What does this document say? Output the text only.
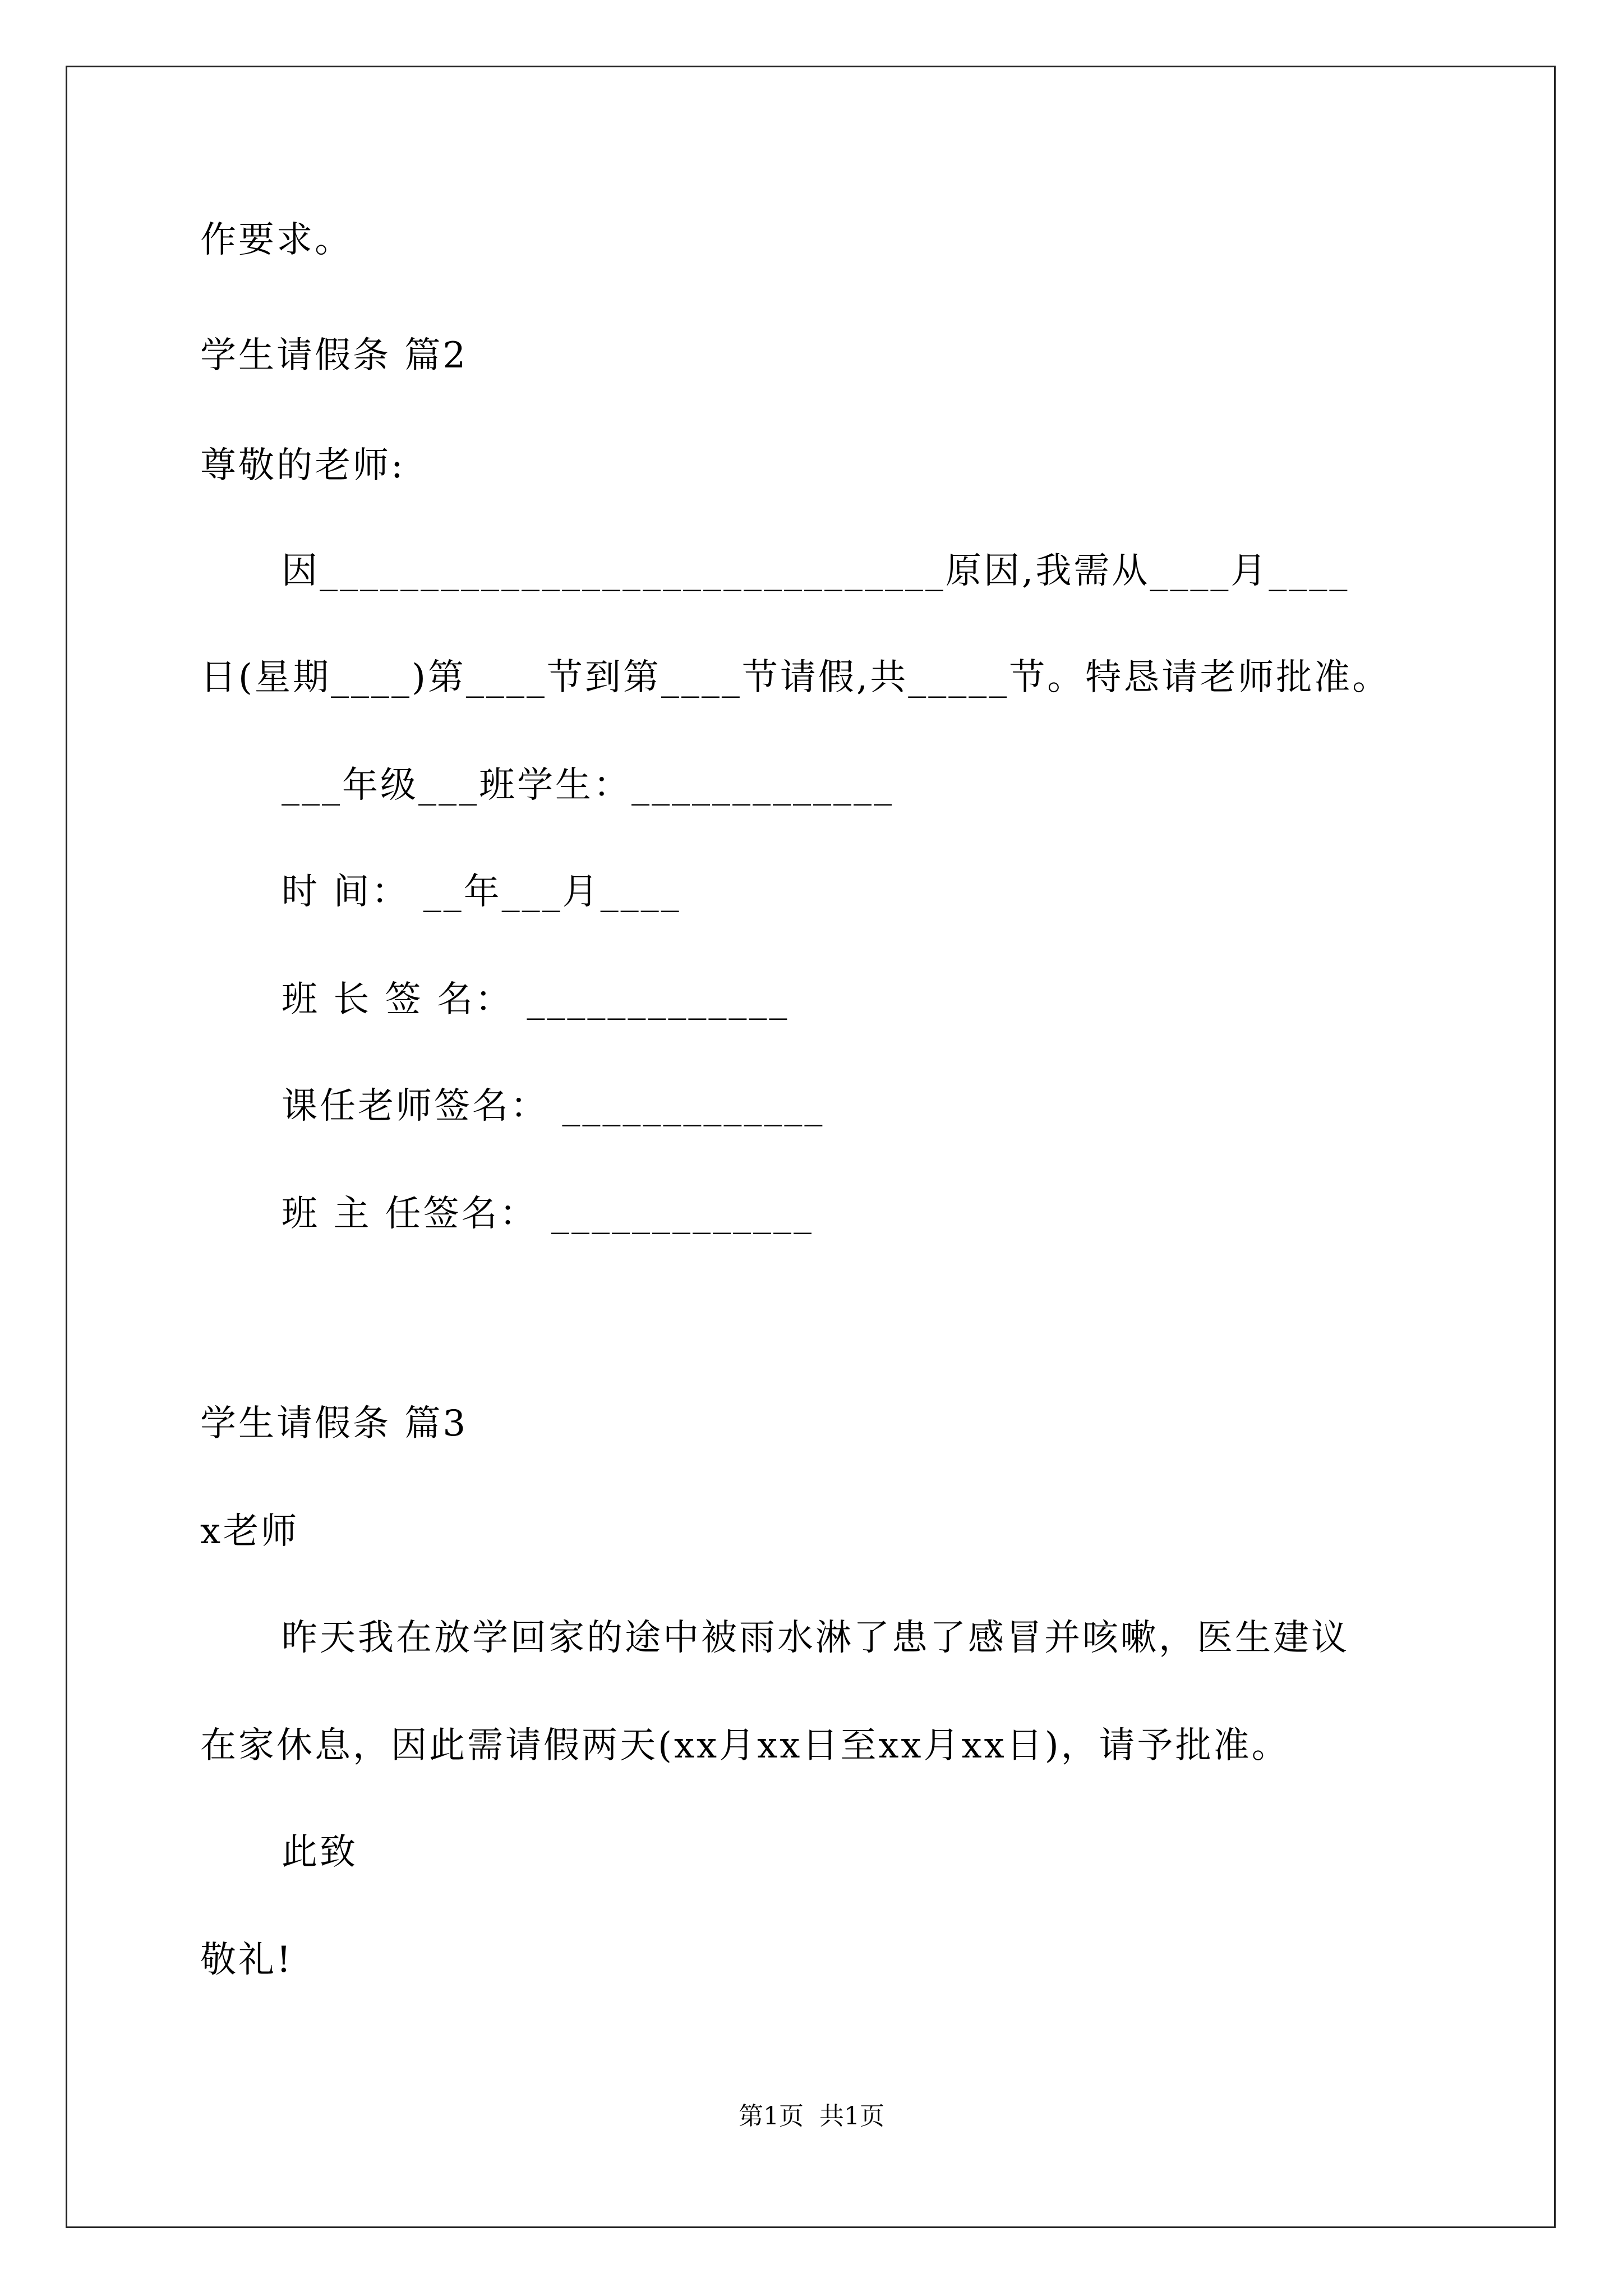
作要求。
学生请假条 篇2
尊敬的老师:
因_______________________________原因,我需从____月____
日(星期____)第____节到第____节请假,共_____节。特恳请老师批准。
___年级___班学生：_____________
时 间： __年___月____
班 长 签 名： _____________
课任老师签名： _____________
班 主 任签名： _____________
学生请假条 篇3
x老师
昨天我在放学回家的途中被雨水淋了患了感冒并咳嗽，医生建议
在家休息，因此需请假两天(xx月xx日至xx月xx日)，请予批准。
此致
敬礼!
第1页  共1页
